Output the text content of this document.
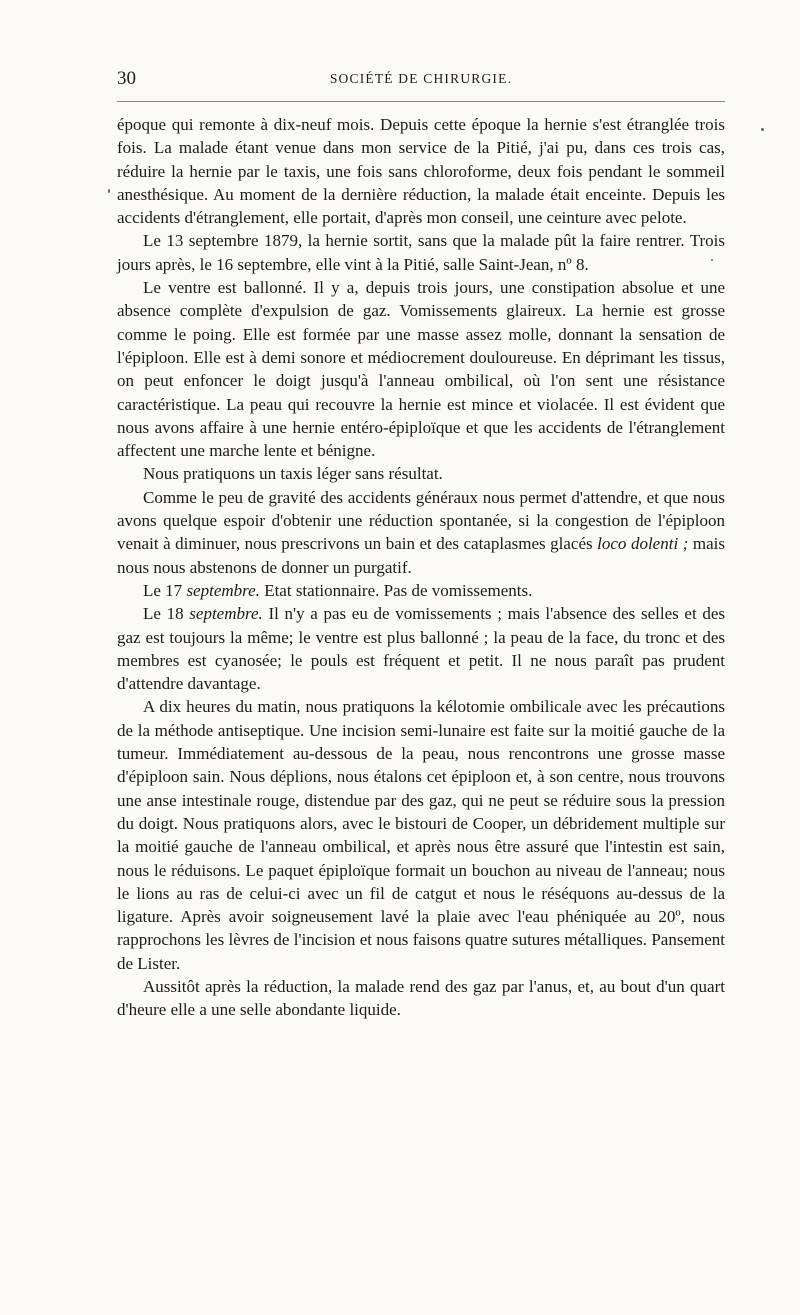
30	SOCIÉTÉ DE CHIRURGIE.

époque qui remonte à dix-neuf mois. Depuis cette époque la hernie s'est étranglée trois fois. La malade étant venue dans mon service de la Pitié, j'ai pu, dans ces trois cas, réduire la hernie par le taxis, une fois sans chloroforme, deux fois pendant le sommeil anesthésique. Au moment de la dernière réduction, la malade était enceinte. Depuis les accidents d'étranglement, elle portait, d'après mon conseil, une ceinture avec pelote.

Le 13 septembre 1879, la hernie sortit, sans que la malade pût la faire rentrer. Trois jours après, le 16 septembre, elle vint à la Pitié, salle Saint-Jean, nº 8.

Le ventre est ballonné. Il y a, depuis trois jours, une constipation absolue et une absence complète d'expulsion de gaz. Vomissements glaireux. La hernie est grosse comme le poing. Elle est formée par une masse assez molle, donnant la sensation de l'épiploon. Elle est à demi sonore et médiocrement douloureuse. En déprimant les tissus, on peut enfoncer le doigt jusqu'à l'anneau ombilical, où l'on sent une résistance caractéristique. La peau qui recouvre la hernie est mince et violacée. Il est évident que nous avons affaire à une hernie entéro-épiploïque et que les accidents de l'étranglement affectent une marche lente et bénigne.

Nous pratiquons un taxis léger sans résultat.

Comme le peu de gravité des accidents généraux nous permet d'attendre, et que nous avons quelque espoir d'obtenir une réduction spontanée, si la congestion de l'épiploon venait à diminuer, nous prescrivons un bain et des cataplasmes glacés loco dolenti ; mais nous nous abstenons de donner un purgatif.

Le 17 septembre. Etat stationnaire. Pas de vomissements.

Le 18 septembre. Il n'y a pas eu de vomissements ; mais l'absence des selles et des gaz est toujours la même; le ventre est plus ballonné ; la peau de la face, du tronc et des membres est cyanosée; le pouls est fréquent et petit. Il ne nous paraît pas prudent d'attendre davantage.

A dix heures du matin, nous pratiquons la kélotomie ombilicale avec les précautions de la méthode antiseptique. Une incision semi-lunaire est faite sur la moitié gauche de la tumeur. Immédiatement au-dessous de la peau, nous rencontrons une grosse masse d'épiploon sain. Nous déplions, nous étalons cet épiploon et, à son centre, nous trouvons une anse intestinale rouge, distendue par des gaz, qui ne peut se réduire sous la pression du doigt. Nous pratiquons alors, avec le bistouri de Cooper, un débridement multiple sur la moitié gauche de l'anneau ombilical, et après nous être assuré que l'intestin est sain, nous le réduisons. Le paquet épiploïque formait un bouchon au niveau de l'anneau; nous le lions au ras de celui-ci avec un fil de catgut et nous le réséquons au-dessus de la ligature. Après avoir soigneusement lavé la plaie avec l'eau phéniquée au 20º, nous rapprochons les lèvres de l'incision et nous faisons quatre sutures métalliques. Pansement de Lister.

Aussitôt après la réduction, la malade rend des gaz par l'anus, et, au bout d'un quart d'heure elle a une selle abondante liquide.
